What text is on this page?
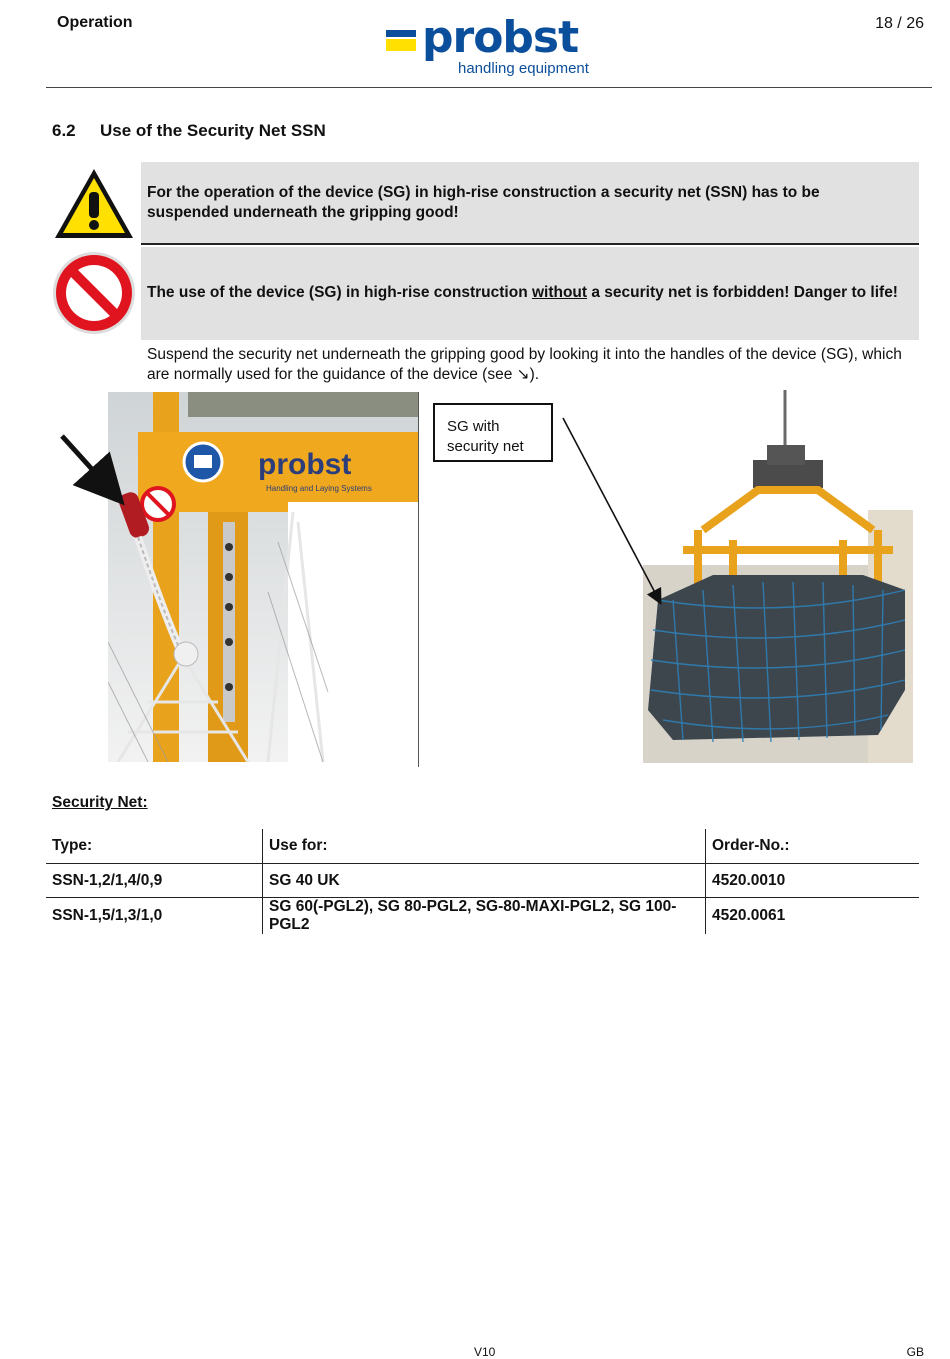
Operation	probst
handling equipment
18 / 26
6.2 Use of the Security Net SSN

For the operation of the device (SG) in high-rise construction a security net (SSN) has to be suspended underneath the gripping good!

The use of the device (SG) in high-rise construction without a security net is forbidden! Danger to life!

Suspend the security net underneath the gripping good by looking it into the handles of the device (SG), which are normally used for the guidance of the device (see ↘).
probst
Handling and Laying Systems
SG with security net
Security Net:
Type:	Use for:	Order-No.:
SSN-1,2/1,4/0,9	SG 40 UK	4520.0010
SSN-1,5/1,3/1,0	SG 60(-PGL2), SG 80-PGL2, SG-80-MAXI-PGL2, SG 100-PGL2	4520.0061
V10	GB
